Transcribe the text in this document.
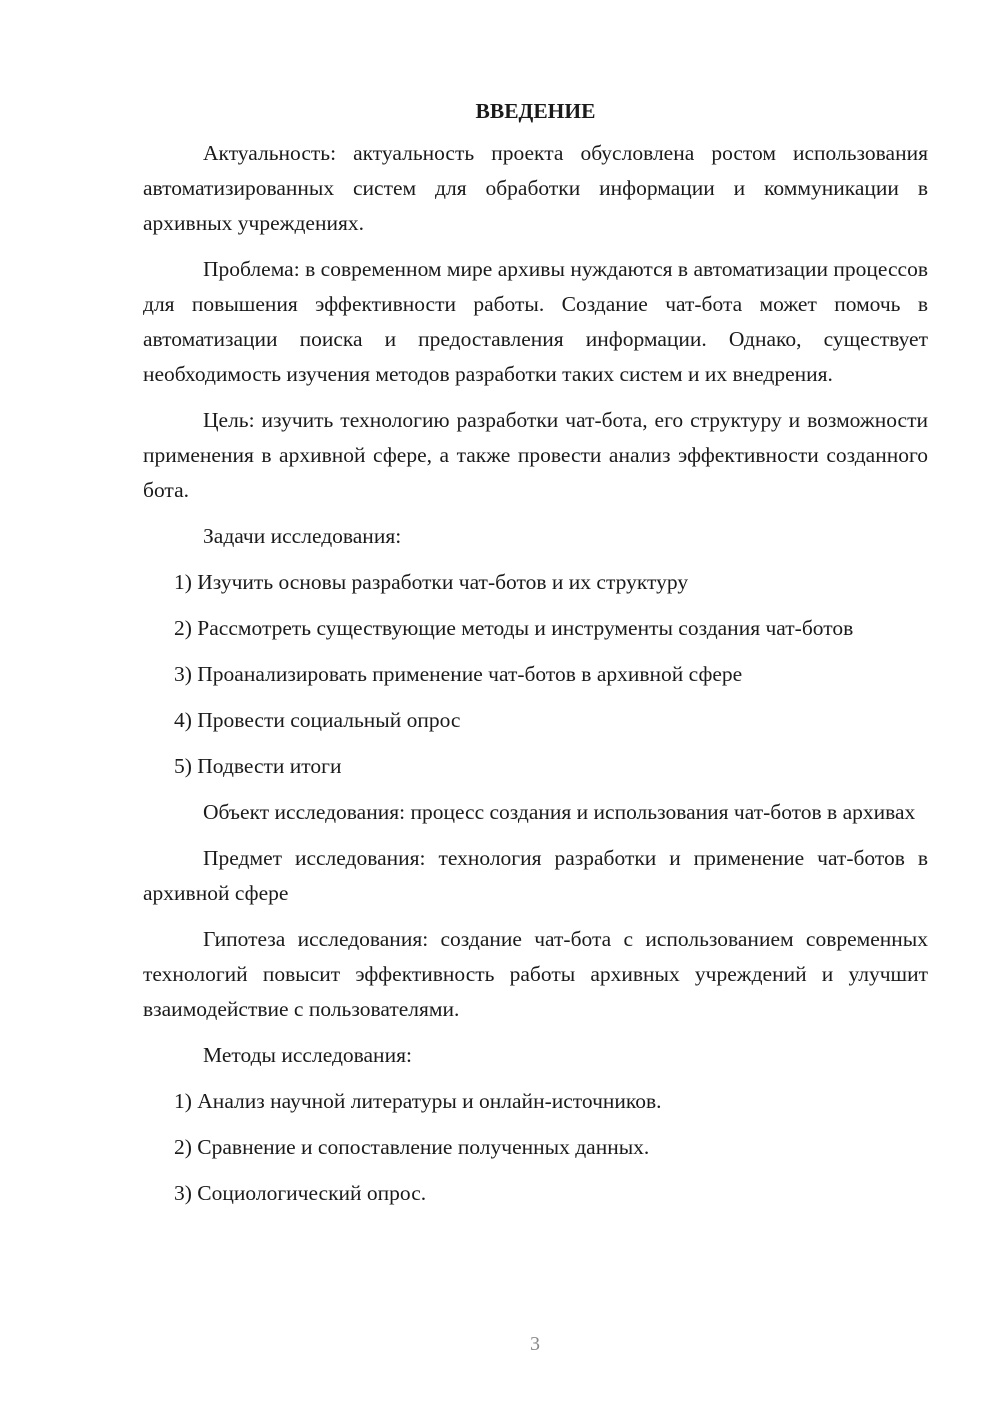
ВВЕДЕНИЕ

Актуальность: актуальность проекта обусловлена ростом использования автоматизированных систем для обработки информации и коммуникации в архивных учреждениях.

Проблема: в современном мире архивы нуждаются в автоматизации процессов для повышения эффективности работы. Создание чат-бота может помочь в автоматизации поиска и предоставления информации. Однако, существует необходимость изучения методов разработки таких систем и их внедрения.

Цель: изучить технологию разработки чат-бота, его структуру и возможности применения в архивной сфере, а также провести анализ эффективности созданного бота.

Задачи исследования:

1) Изучить основы разработки чат-ботов и их структуру

2) Рассмотреть существующие методы и инструменты создания чат-ботов

3) Проанализировать применение чат-ботов в архивной сфере

4) Провести социальный опрос

5) Подвести итоги

Объект исследования: процесс создания и использования чат-ботов в архивах

Предмет исследования: технология разработки и применение чат-ботов в архивной сфере

Гипотеза исследования: создание чат-бота с использованием современных технологий повысит эффективность работы архивных учреждений и улучшит взаимодействие с пользователями.

Методы исследования:

1) Анализ научной литературы и онлайн-источников.

2) Сравнение и сопоставление полученных данных.

3) Социологический опрос.

3
